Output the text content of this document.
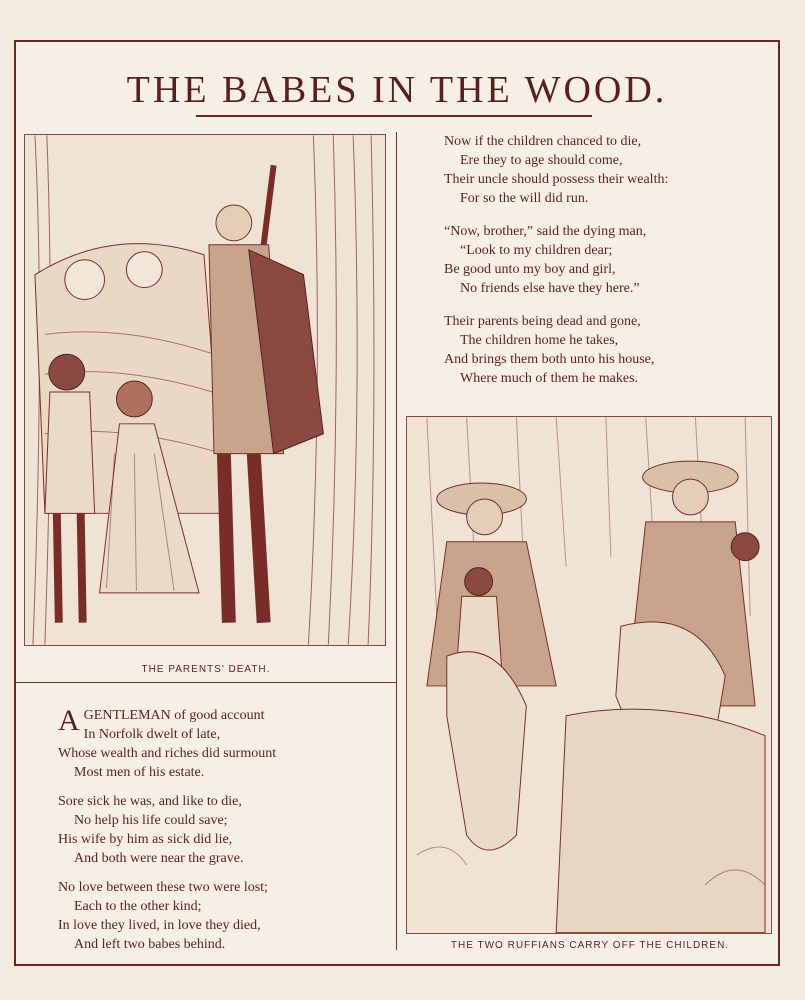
THE BABES IN THE WOOD.
THE PARENTS' DEATH.
AGENTLEMAN of good account
In Norfolk dwelt of late,
Whose wealth and riches did surmount
Most men of his estate.
Sore sick he was, and like to die,
No help his life could save;
His wife by him as sick did lie,
And both were near the grave.
No love between these two were lost;
Each to the other kind;
In love they lived, in love they died,
And left two babes behind.
Now if the children chanced to die,
Ere they to age should come,
Their uncle should possess their wealth:
For so the will did run.
“Now, brother,” said the dying man,
“Look to my children dear;
Be good unto my boy and girl,
No friends else have they here.”
Their parents being dead and gone,
The children home he takes,
And brings them both unto his house,
Where much of them he makes.
THE TWO RUFFIANS CARRY OFF THE CHILDREN.
